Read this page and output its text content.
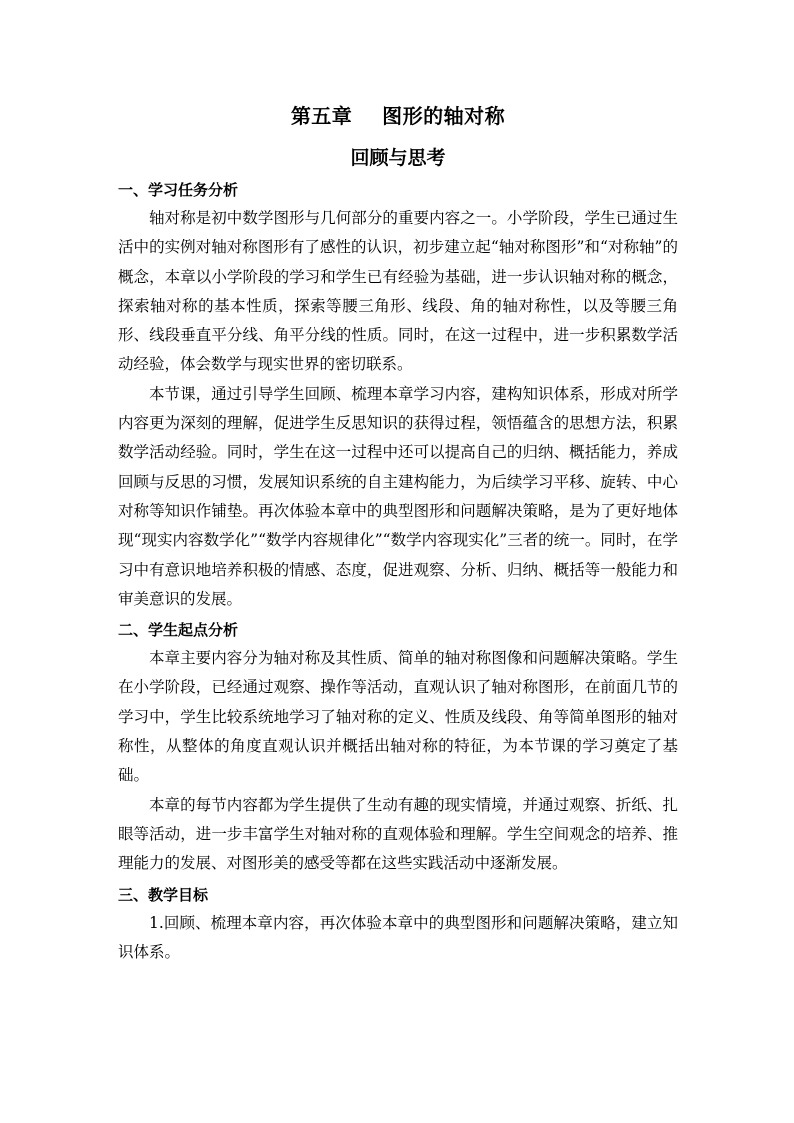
第五章    图形的轴对称
回顾与思考
一、学习任务分析

轴对称是初中数学图形与几何部分的重要内容之一。小学阶段，学生已通过生活中的实例对轴对称图形有了感性的认识，初步建立起“轴对称图形”和“对称轴”的概念，本章以小学阶段的学习和学生已有经验为基础，进一步认识轴对称的概念，探索轴对称的基本性质，探索等腰三角形、线段、角的轴对称性，以及等腰三角形、线段垂直平分线、角平分线的性质。同时，在这一过程中，进一步积累数学活动经验，体会数学与现实世界的密切联系。

本节课，通过引导学生回顾、梳理本章学习内容，建构知识体系，形成对所学内容更为深刻的理解，促进学生反思知识的获得过程，领悟蕴含的思想方法，积累数学活动经验。同时，学生在这一过程中还可以提高自己的归纳、概括能力，养成回顾与反思的习惯，发展知识系统的自主建构能力，为后续学习平移、旋转、中心对称等知识作铺垫。再次体验本章中的典型图形和问题解决策略，是为了更好地体现“现实内容数学化”“数学内容规律化”“数学内容现实化”三者的统一。同时，在学习中有意识地培养积极的情感、态度，促进观察、分析、归纳、概括等一般能力和审美意识的发展。

二、学生起点分析

本章主要内容分为轴对称及其性质、简单的轴对称图像和问题解决策略。学生在小学阶段，已经通过观察、操作等活动，直观认识了轴对称图形，在前面几节的学习中，学生比较系统地学习了轴对称的定义、性质及线段、角等简单图形的轴对称性，从整体的角度直观认识并概括出轴对称的特征，为本节课的学习奠定了基础。

本章的每节内容都为学生提供了生动有趣的现实情境，并通过观察、折纸、扎眼等活动，进一步丰富学生对轴对称的直观体验和理解。学生空间观念的培养、推理能力的发展、对图形美的感受等都在这些实践活动中逐渐发展。

三、教学目标

1.回顾、梳理本章内容，再次体验本章中的典型图形和问题解决策略，建立知识体系。
